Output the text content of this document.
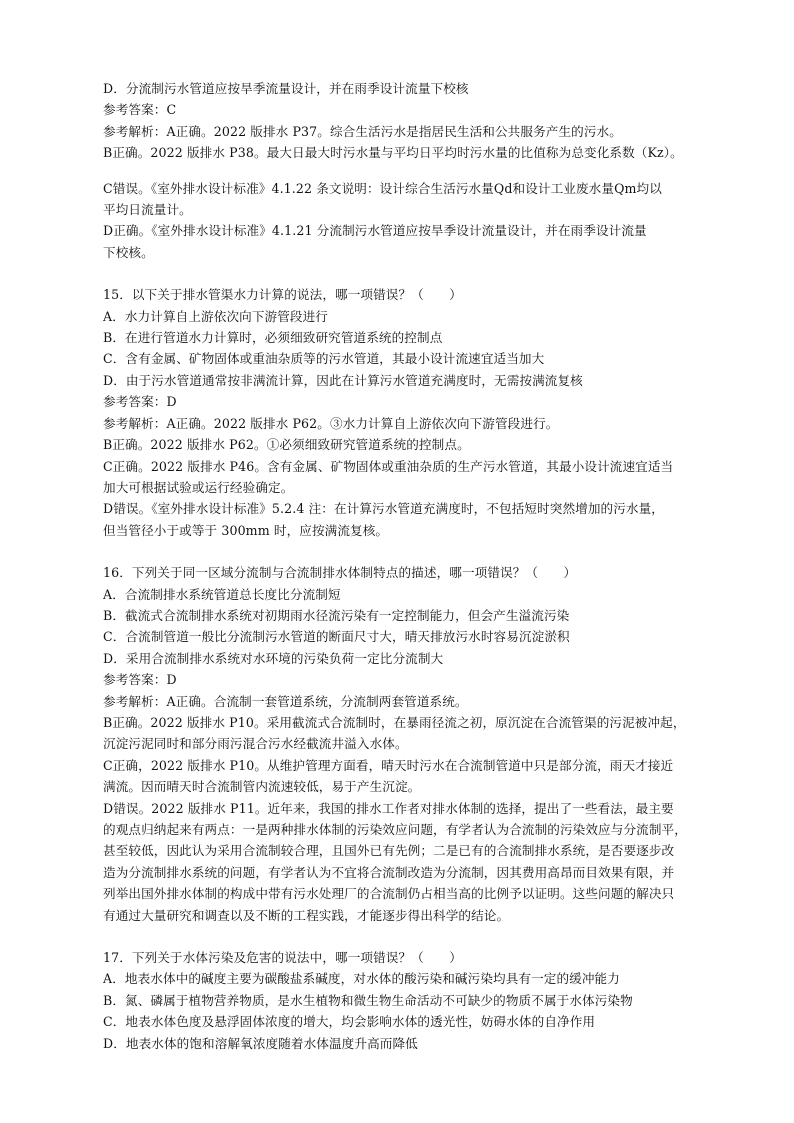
D．分流制污水管道应按旱季流量设计，并在雨季设计流量下校核

参考答案：C

参考解析：A正确。2022 版排水 P37。综合生活污水是指居民生活和公共服务产生的污水。

B正确。2022 版排水 P38。最大日最大时污水量与平均日平均时污水量的比值称为总变化系数（Kz）。

C错误。《室外排水设计标准》4.1.22 条文说明：设计综合生活污水量Qd和设计工业废水量Qm均以

平均日流量计。

D正确。《室外排水设计标准》4.1.21 分流制污水管道应按旱季设计流量设计，并在雨季设计流量

下校核。

15．以下关于排水管渠水力计算的说法，哪一项错误？（　　）

A．水力计算自上游依次向下游管段进行

B．在进行管道水力计算时，必须细致研究管道系统的控制点

C．含有金属、矿物固体或重油杂质等的污水管道，其最小设计流速宜适当加大

D．由于污水管道通常按非满流计算，因此在计算污水管道充满度时，无需按满流复核

参考答案：D

参考解析：A正确。2022 版排水 P62。③水力计算自上游依次向下游管段进行。

B正确。2022 版排水 P62。①必须细致研究管道系统的控制点。

C正确。2022 版排水 P46。含有金属、矿物固体或重油杂质的生产污水管道，其最小设计流速宜适当

加大可根据试验或运行经验确定。

D错误。《室外排水设计标准》5.2.4 注：在计算污水管道充满度时，不包括短时突然增加的污水量，

但当管径小于或等于 300mm 时，应按满流复核。

16．下列关于同一区域分流制与合流制排水体制特点的描述，哪一项错误？（　　）

A．合流制排水系统管道总长度比分流制短

B．截流式合流制排水系统对初期雨水径流污染有一定控制能力，但会产生溢流污染

C．合流制管道一般比分流制污水管道的断面尺寸大，晴天排放污水时容易沉淀淤积

D．采用合流制排水系统对水环境的污染负荷一定比分流制大

参考答案：D

参考解析：A正确。合流制一套管道系统，分流制两套管道系统。

B正确。2022 版排水 P10。采用截流式合流制时，在暴雨径流之初，原沉淀在合流管渠的污泥被冲起，

沉淀污泥同时和部分雨污混合污水经截流井溢入水体。

C正确，2022 版排水 P10。从维护管理方面看，晴天时污水在合流制管道中只是部分流，雨天才接近

满流。因而晴天时合流制管内流速较低，易于产生沉淀。

D错误。2022 版排水 P11。近年来，我国的排水工作者对排水体制的选择，提出了一些看法，最主要

的观点归纳起来有两点：一是两种排水体制的污染效应问题，有学者认为合流制的污染效应与分流制平，

甚至较低，因此认为采用合流制较合理，且国外已有先例；二是已有的合流制排水系统，是否要逐步改

造为分流制排水系统的问题，有学者认为不宜将合流制改造为分流制，因其费用高昂而目效果有限，并

列举出国外排水体制的构成中带有污水处理厂的合流制仍占相当高的比例予以证明。这些问题的解决只

有通过大量研究和调查以及不断的工程实践，才能逐步得出科学的结论。

17．下列关于水体污染及危害的说法中，哪一项错误？（　　）

A．地表水体中的碱度主要为碳酸盐系碱度，对水体的酸污染和碱污染均具有一定的缓冲能力

B．氮、磷属于植物营养物质，是水生植物和微生物生命活动不可缺少的物质不属于水体污染物

C．地表水体色度及悬浮固体浓度的增大，均会影响水体的透光性，妨碍水体的自净作用

D．地表水体的饱和溶解氧浓度随着水体温度升高而降低
